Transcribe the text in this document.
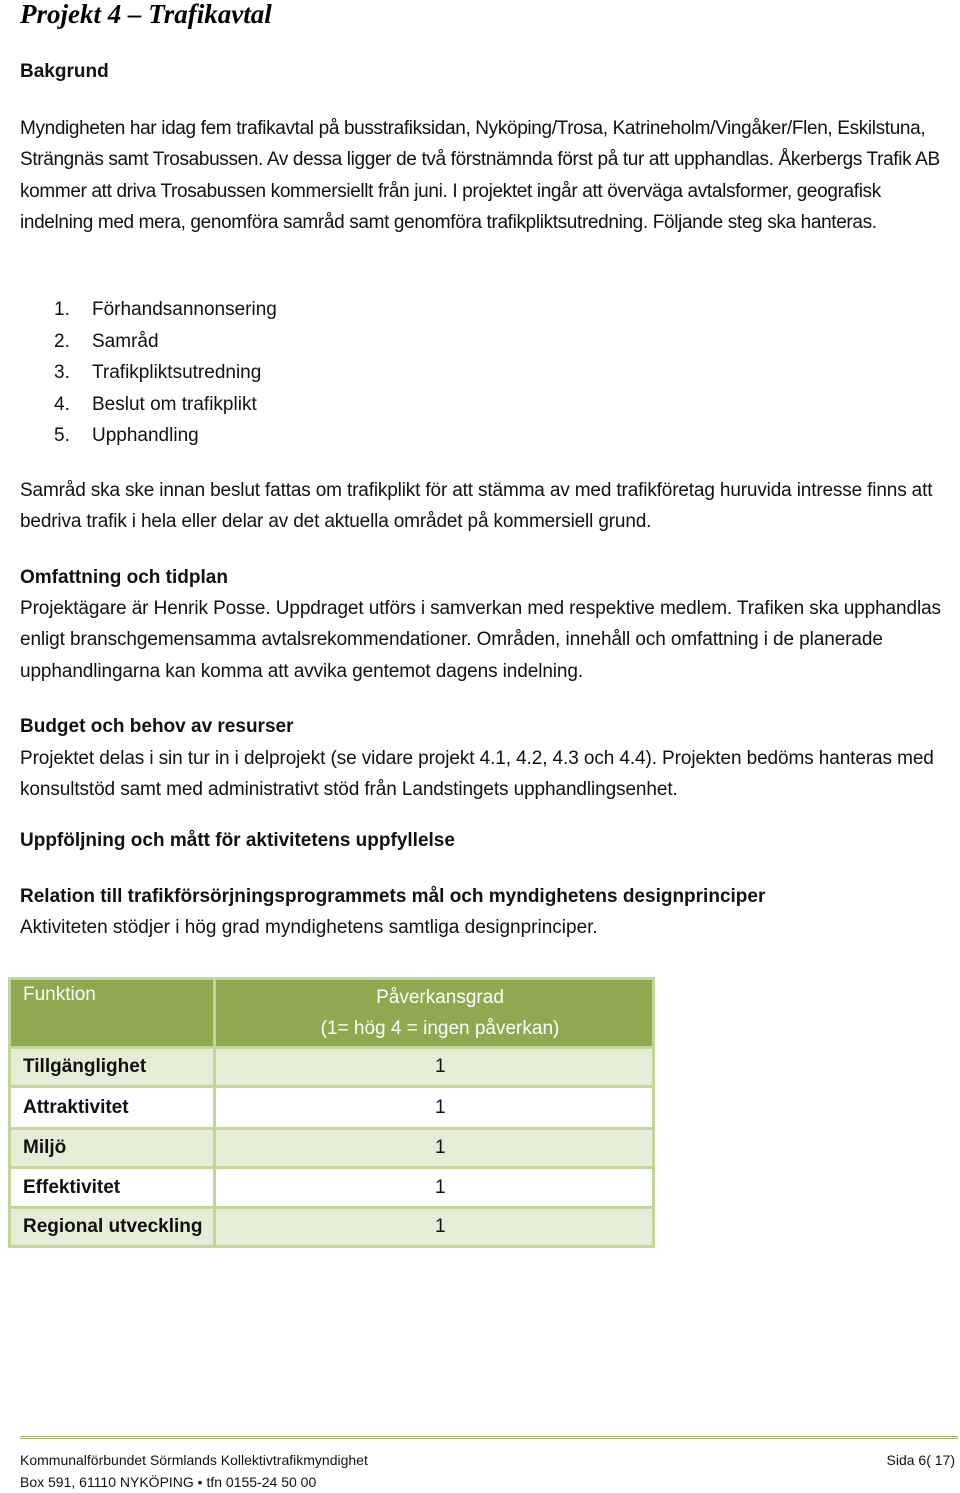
Projekt 4 – Trafikavtal
Bakgrund
Myndigheten har idag fem trafikavtal på busstrafiksidan, Nyköping/Trosa, Katrineholm/Vingåker/Flen, Eskilstuna, Strängnäs samt Trosabussen. Av dessa ligger de två förstnämnda först på tur att upphandlas. Åkerbergs Trafik AB kommer att driva Trosabussen kommersiellt från juni. I projektet ingår att överväga avtalsformer, geografisk indelning med mera, genomföra samråd samt genomföra trafikpliktsutredning. Följande steg ska hanteras.
1. Förhandsannonsering
2. Samråd
3. Trafikpliktsutredning
4. Beslut om trafikplikt
5. Upphandling
Samråd ska ske innan beslut fattas om trafikplikt för att stämma av med trafikföretag huruvida intresse finns att bedriva trafik i hela eller delar av det aktuella området på kommersiell grund.
Omfattning och tidplan
Projektägare är Henrik Posse. Uppdraget utförs i samverkan med respektive medlem. Trafiken ska upphandlas enligt branschgemensamma avtalsrekommendationer. Områden, innehåll och omfattning i de planerade upphandlingarna kan komma att avvika gentemot dagens indelning.
Budget och behov av resurser
Projektet delas i sin tur in i delprojekt (se vidare projekt 4.1, 4.2, 4.3 och 4.4). Projekten bedöms hanteras med konsultstöd samt med administrativt stöd från Landstingets upphandlingsenhet.
Uppföljning och mått för aktivitetens uppfyllelse
Relation till trafikförsörjningsprogrammets mål och myndighetens designprinciper
Aktiviteten stödjer i hög grad myndighetens samtliga designprinciper.
Funktion	Påverkansgrad
(1= hög 4 = ingen påverkan)

Tillgänglighet	1
Attraktivitet	1
Miljö	1
Effektivitet	1
Regional utveckling	1
Kommunalförbundet Sörmlands Kollektivtrafikmyndighet
Box 591, 61110 NYKÖPING • tfn 0155-24 50 00
Sida 6( 17)
